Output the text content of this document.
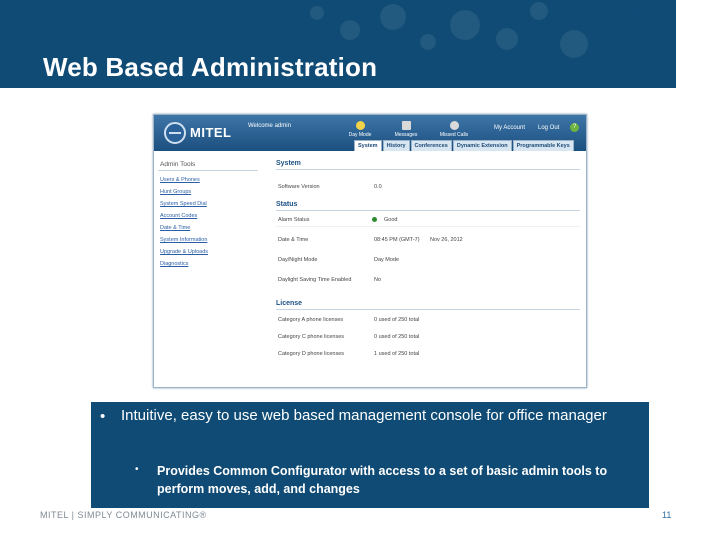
Web Based Administration
MITEL	Welcome admin
Day Mode	Messages	Missed Calls
My Account Log Out	?
System	History	Conferences	Dynamic Extension	Programmable Keys
Admin Tools
Users & Phones
Hunt Groups
System Speed Dial
Account Codes
Date & Time
System Information
Upgrade & Uploads
Diagnostics
System
Software Version	0.0
Status
Alarm Status	Good
Date & Time	08:45 PM (GMT-7) Nov 26, 2012
Day/Night Mode	Day Mode
Daylight Saving Time Enabled	No
License
Category A phone licenses	0 used of 250 total
Category C phone licenses	0 used of 250 total
Category D phone licenses	1 used of 250 total
• Intuitive, easy to use web based management console for office manager
• Provides Common Configurator with access to a set of basic admin tools to perform moves, add, and changes
MITEL | SIMPLY COMMUNICATING®	11
